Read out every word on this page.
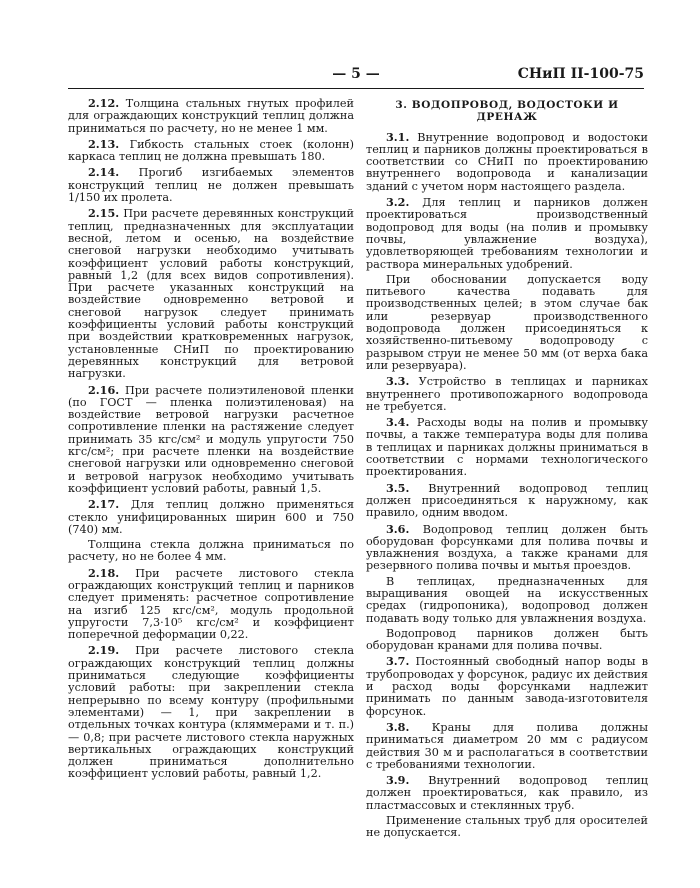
— 5 —	СНиП II-100-75

2.12. Толщина стальных гнутых профилей для ограждающих конструкций теплиц должна приниматься по расчету, но не менее 1 мм.

2.13. Гибкость стальных стоек (колонн) каркаса теплиц не должна превышать 180.

2.14. Прогиб изгибаемых элементов конструкций теплиц не должен превышать 1/150 их пролета.

2.15. При расчете деревянных конструкций теплиц, предназначенных для эксплуатации весной, летом и осенью, на воздействие снеговой нагрузки необходимо учитывать коэффициент условий работы конструкций, равный 1,2 (для всех видов сопротивления). При расчете указанных конструкций на воздействие одновременно ветровой и снеговой нагрузок следует принимать коэффициенты условий работы конструкций при воздействии кратковременных нагрузок, установленные СНиП по проектированию деревянных конструкций для ветровой нагрузки.

2.16. При расчете полиэтиленовой пленки (по ГОСТ — пленка полиэтиленовая) на воздействие ветровой нагрузки расчетное сопротивление пленки на растяжение следует принимать 35 кгс/см² и модуль упругости 750 кгс/см²; при расчете пленки на воздействие снеговой нагрузки или одновременно снеговой и ветровой нагрузок необходимо учитывать коэффициент условий работы, равный 1,5.

2.17. Для теплиц должно применяться стекло унифицированных ширин 600 и 750 (740) мм.

Толщина стекла должна приниматься по расчету, но не более 4 мм.

2.18. При расчете листового стекла ограждающих конструкций теплиц и парников следует применять: расчетное сопротивление на изгиб 125 кгс/см², модуль продольной упругости 7,3·10⁵ кгс/см² и коэффициент поперечной деформации 0,22.

2.19. При расчете листового стекла ограждающих конструкций теплиц должны приниматься следующие коэффициенты условий работы: при закреплении стекла непрерывно по всему контуру (профильными элементами) — 1, при закреплении в отдельных точках контура (кляммерами и т. п.) — 0,8; при расчете листового стекла наружных вертикальных ограждающих конструкций должен приниматься дополнительно коэффициент условий работы, равный 1,2.

3. ВОДОПРОВОД, ВОДОСТОКИ И ДРЕНАЖ

3.1. Внутренние водопровод и водостоки теплиц и парников должны проектироваться в соответствии со СНиП по проектированию внутреннего водопровода и канализации зданий с учетом норм настоящего раздела.

3.2. Для теплиц и парников должен проектироваться производственный водопровод для воды (на полив и промывку почвы, увлажнение воздуха), удовлетворяющей требованиям технологии и раствора минеральных удобрений.

При обосновании допускается воду питьевого качества подавать для производственных целей; в этом случае бак или резервуар производственного водопровода должен присоединяться к хозяйственно-питьевому водопроводу с разрывом струи не менее 50 мм (от верха бака или резервуара).

3.3. Устройство в теплицах и парниках внутреннего противопожарного водопровода не требуется.

3.4. Расходы воды на полив и промывку почвы, а также температура воды для полива в теплицах и парниках должны приниматься в соответствии с нормами технологического проектирования.

3.5. Внутренний водопровод теплиц должен присоединяться к наружному, как правило, одним вводом.

3.6. Водопровод теплиц должен быть оборудован форсунками для полива почвы и увлажнения воздуха, а также кранами для резервного полива почвы и мытья проездов.

В теплицах, предназначенных для выращивания овощей на искусственных средах (гидропоника), водопровод должен подавать воду только для увлажнения воздуха.

Водопровод парников должен быть оборудован кранами для полива почвы.

3.7. Постоянный свободный напор воды в трубопроводах у форсунок, радиус их действия и расход воды форсунками надлежит принимать по данным завода-изготовителя форсунок.

3.8. Краны для полива должны приниматься диаметром 20 мм с радиусом действия 30 м и располагаться в соответствии с требованиями технологии.

3.9. Внутренний водопровод теплиц должен проектироваться, как правило, из пластмассовых и стеклянных труб.

Применение стальных труб для оросителей не допускается.
